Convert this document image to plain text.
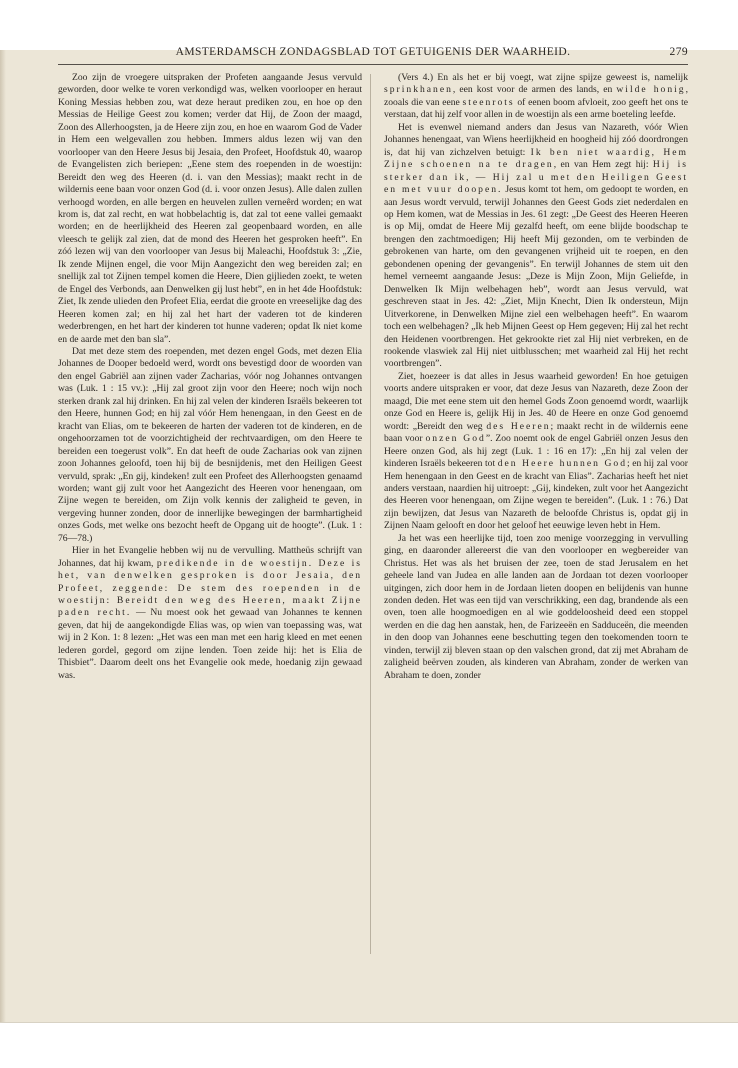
AMSTERDAMSCH ZONDAGSBLAD TOT GETUIGENIS DER WAARHEID.	279

Zoo zijn de vroegere uitspraken der Profeten aangaande Jesus vervuld geworden, door welke te voren verkondigd was, welken voorlooper en heraut Koning Messias hebben zou, wat deze heraut prediken zou, en hoe op den Messias de Heilige Geest zou komen; verder dat Hij, de Zoon der maagd, Zoon des Allerhoogsten, ja de Heere zijn zou, en hoe en waarom God de Vader in Hem een welgevallen zou hebben. Immers aldus lezen wij van den voorlooper van den Heere Jesus bij Jesaia, den Profeet, Hoofdstuk 40, waarop de Evangelisten zich beriepen: „Eene stem des roependen in de woestijn: Bereidt den weg des Heeren (d. i. van den Messias); maakt recht in de wildernis eene baan voor onzen God (d. i. voor onzen Jesus). Alle dalen zullen verhoogd worden, en alle bergen en heuvelen zullen verneêrd worden; en wat krom is, dat zal recht, en wat hobbelachtig is, dat zal tot eene vallei gemaakt worden; en de heerlijkheid des Heeren zal geopenbaard worden, en alle vleesch te gelijk zal zien, dat de mond des Heeren het gesproken heeft”. En zóó lezen wij van den voorlooper van Jesus bij Maleachi, Hoofdstuk 3: „Zie, Ik zende Mijnen engel, die voor Mijn Aangezicht den weg bereiden zal; en snellijk zal tot Zijnen tempel komen die Heere, Dien gijlieden zoekt, te weten de Engel des Verbonds, aan Denwelken gij lust hebt”, en in het 4de Hoofdstuk: Ziet, Ik zende ulieden den Profeet Elia, eerdat die groote en vreeselijke dag des Heeren komen zal; en hij zal het hart der vaderen tot de kinderen wederbrengen, en het hart der kinderen tot hunne vaderen; opdat Ik niet kome en de aarde met den ban sla”.

Dat met deze stem des roependen, met dezen engel Gods, met dezen Elia Johannes de Dooper bedoeld werd, wordt ons bevestigd door de woorden van den engel Gabriël aan zijnen vader Zacharias, vóór nog Johannes ontvangen was (Luk. 1 : 15 vv.): „Hij zal groot zijn voor den Heere; noch wijn noch sterken drank zal hij drinken. En hij zal velen der kinderen Israëls bekeeren tot den Heere, hunnen God; en hij zal vóór Hem henengaan, in den Geest en de kracht van Elias, om te bekeeren de harten der vaderen tot de kinderen, en de ongehoorzamen tot de voorzichtigheid der rechtvaardigen, om den Heere te bereiden een toegerust volk”. En dat heeft de oude Zacharias ook van zijnen zoon Johannes geloofd, toen hij bij de besnijdenis, met den Heiligen Geest vervuld, sprak: „En gij, kindeken! zult een Profeet des Allerhoogsten genaamd worden; want gij zult voor het Aangezicht des Heeren voor henengaan, om Zijne wegen te bereiden, om Zijn volk kennis der zaligheid te geven, in vergeving hunner zonden, door de innerlijke bewegingen der barmhartigheid onzes Gods, met welke ons bezocht heeft de Opgang uit de hoogte”. (Luk. 1 : 76—78.)

Hier in het Evangelie hebben wij nu de vervulling. Mattheüs schrijft van Johannes, dat hij kwam, predikende in de woestijn. Deze is het, van denwelken gesproken is door Jesaia, den Profeet, zeggende: De stem des roependen in de woestijn: Bereidt den weg des Heeren, maakt Zijne paden recht. — Nu moest ook het gewaad van Johannes te kennen geven, dat hij de aangekondigde Elias was, op wien van toepassing was, wat wij in 2 Kon. 1: 8 lezen: „Het was een man met een harig kleed en met eenen lederen gordel, gegord om zijne lenden. Toen zeide hij: het is Elia de Thisbiet”. Daarom deelt ons het Evangelie ook mede, hoedanig zijn gewaad was.

(Vers 4.) En als het er bij voegt, wat zijne spijze geweest is, namelijk sprinkhanen, een kost voor de armen des lands, en wilde honig, zooals die van eene steenrots of eenen boom afvloeit, zoo geeft het ons te verstaan, dat hij zelf voor allen in de woestijn als een arme boeteling leefde.

Het is evenwel niemand anders dan Jesus van Nazareth, vóór Wien Johannes henengaat, van Wiens heerlijkheid en hoogheid hij zóó doordrongen is, dat hij van zichzelven betuigt: Ik ben niet waardig, Hem Zijne schoenen na te dragen, en van Hem zegt hij: Hij is sterker dan ik, — Hij zal u met den Heiligen Geest en met vuur doopen. Jesus komt tot hem, om gedoopt te worden, en aan Jesus wordt vervuld, terwijl Johannes den Geest Gods ziet nederdalen en op Hem komen, wat de Messias in Jes. 61 zegt: „De Geest des Heeren Heeren is op Mij, omdat de Heere Mij gezalfd heeft, om eene blijde boodschap te brengen den zachtmoedigen; Hij heeft Mij gezonden, om te verbinden de gebrokenen van harte, om den gevangenen vrijheid uit te roepen, en den gebondenen opening der gevangenis”. En terwijl Johannes de stem uit den hemel verneemt aangaande Jesus: „Deze is Mijn Zoon, Mijn Geliefde, in Denwelken Ik Mijn welbehagen heb”, wordt aan Jesus vervuld, wat geschreven staat in Jes. 42: „Ziet, Mijn Knecht, Dien Ik ondersteun, Mijn Uitverkorene, in Denwelken Mijne ziel een welbehagen heeft”. En waarom toch een welbehagen? „Ik heb Mijnen Geest op Hem gegeven; Hij zal het recht den Heidenen voortbrengen. Het gekrookte riet zal Hij niet verbreken, en de rookende vlaswiek zal Hij niet uitblusschen; met waarheid zal Hij het recht voortbrengen”.

Ziet, hoezeer is dat alles in Jesus waarheid geworden! En hoe getuigen voorts andere uitspraken er voor, dat deze Jesus van Nazareth, deze Zoon der maagd, Die met eene stem uit den hemel Gods Zoon genoemd wordt, waarlijk onze God en Heere is, gelijk Hij in Jes. 40 de Heere en onze God genoemd wordt: „Bereidt den weg des Heeren; maakt recht in de wildernis eene baan voor onzen God”. Zoo noemt ook de engel Gabriël onzen Jesus den Heere onzen God, als hij zegt (Luk. 1 : 16 en 17): „En hij zal velen der kinderen Israëls bekeeren tot den Heere hunnen God; en hij zal voor Hem henengaan in den Geest en de kracht van Elias”. Zacharias heeft het niet anders verstaan, naardien hij uitroept: „Gij, kindeken, zult voor het Aangezicht des Heeren voor henengaan, om Zijne wegen te bereiden”. (Luk. 1 : 76.) Dat zijn bewijzen, dat Jesus van Nazareth de beloofde Christus is, opdat gij in Zijnen Naam gelooft en door het geloof het eeuwige leven hebt in Hem.

Ja het was een heerlijke tijd, toen zoo menige voorzegging in vervulling ging, en daaronder allereerst die van den voorlooper en wegbereider van Christus. Het was als het bruisen der zee, toen de stad Jerusalem en het geheele land van Judea en alle landen aan de Jordaan tot dezen voorlooper uitgingen, zich door hem in de Jordaan lieten doopen en belijdenis van hunne zonden deden. Het was een tijd van verschrikking, een dag, brandende als een oven, toen alle hoogmoedigen en al wie goddeloosheid deed een stoppel werden en die dag hen aanstak, hen, de Farizeeën en Sadduceën, die meenden in den doop van Johannes eene beschutting tegen den toekomenden toorn te vinden, terwijl zij bleven staan op den valschen grond, dat zij met Abraham de zaligheid beërven zouden, als kinderen van Abraham, zonder de werken van Abraham te doen, zonder
